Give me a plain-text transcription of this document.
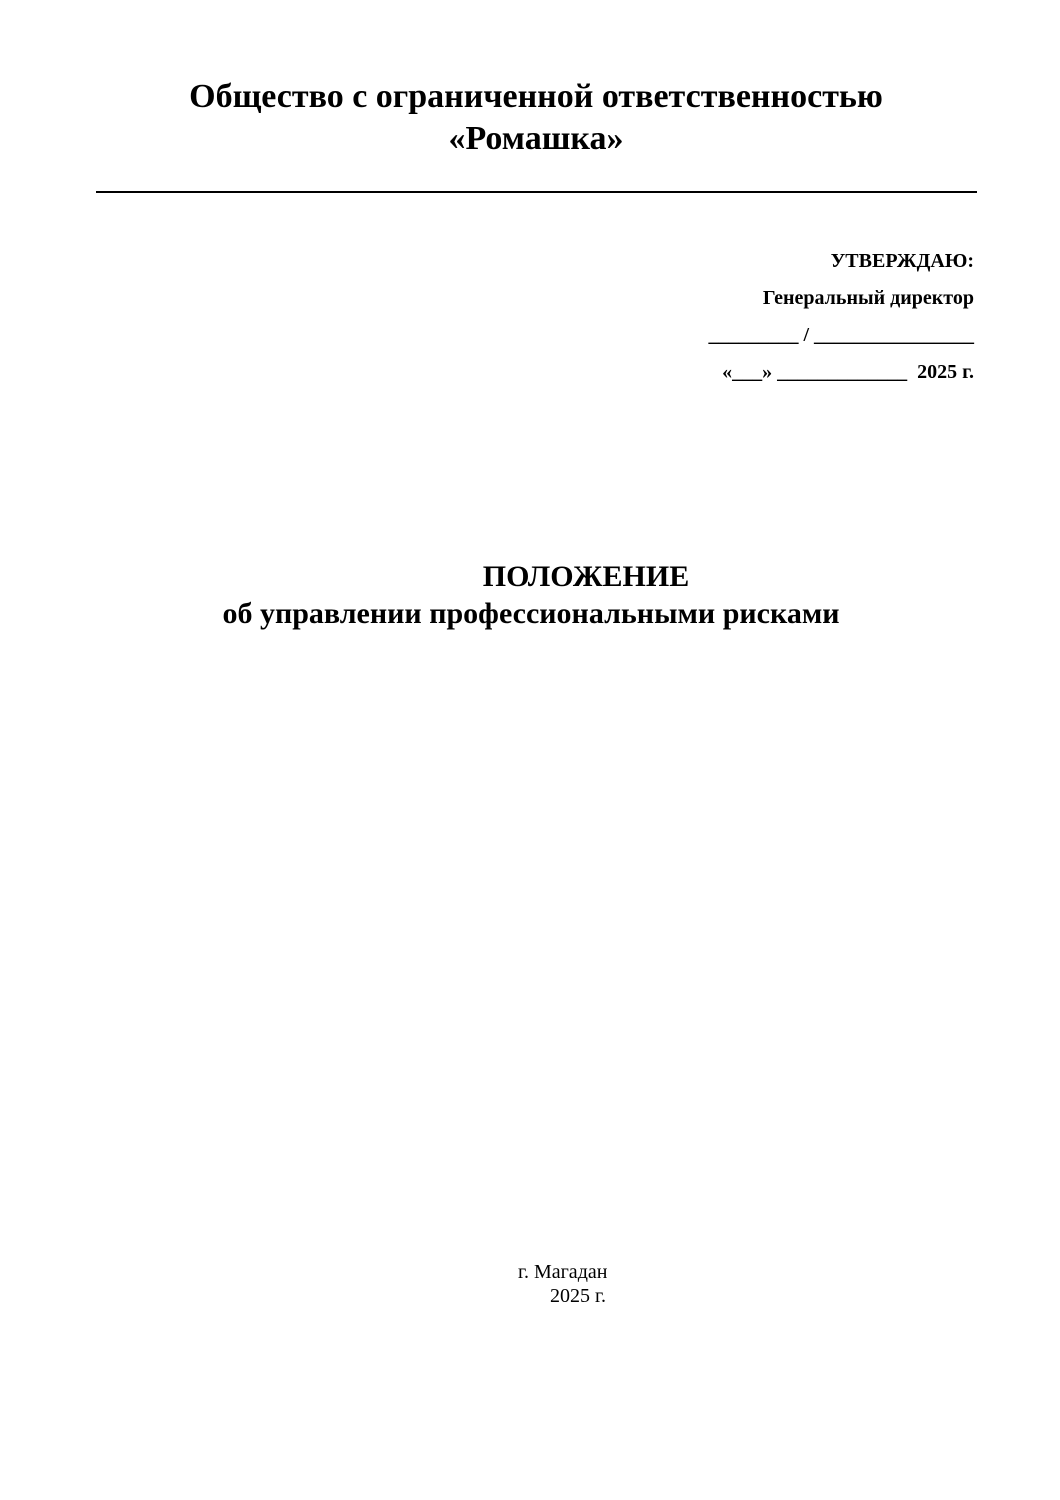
Общество с ограниченной ответственностью
«Ромашка»
УТВЕРЖДАЮ:
Генеральный директор
_________ / ________________
«___» _____________  2025 г.
ПОЛОЖЕНИЕ
об управлении профессиональными рисками
г. Магадан
2025 г.
